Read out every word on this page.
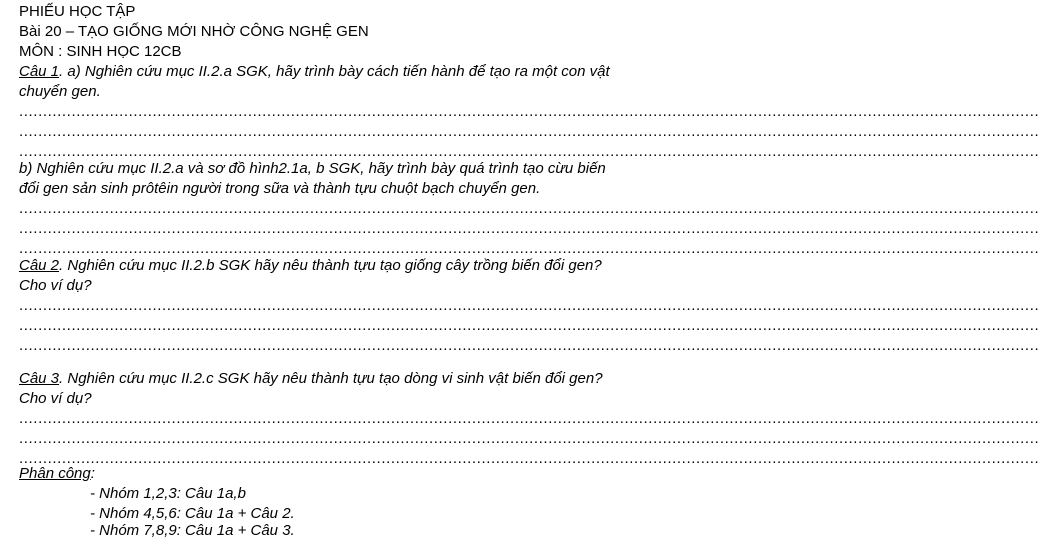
PHIẾU HỌC TẬP
Bài 20 – TẠO GIỐNG MỚI NHỜ CÔNG NGHỆ GEN
MÔN : SINH HỌC 12CB
Câu 1. a) Nghiên cứu mục II.2.a SGK, hãy trình bày cách tiến hành để tạo ra một con vật
chuyển gen.
......................................................................................................................................................................................................................
......................................................................................................................................................................................................................
......................................................................................................................................................................................................................
b) Nghiên cứu mục II.2.a và sơ đồ hình2.1a, b SGK, hãy trình bày quá trình tạo cừu biến
đổi gen sản sinh prôtêin người trong sữa và thành tựu chuột bạch chuyển gen.
......................................................................................................................................................................................................................
......................................................................................................................................................................................................................
......................................................................................................................................................................................................................
Câu 2. Nghiên cứu mục II.2.b SGK hãy nêu thành tựu tạo giống cây trồng biến đổi gen?
Cho ví dụ?
......................................................................................................................................................................................................................
......................................................................................................................................................................................................................
......................................................................................................................................................................................................................
Câu 3. Nghiên cứu mục II.2.c SGK hãy nêu thành tựu tạo dòng vi sinh vật biến đổi gen?
Cho ví dụ?
......................................................................................................................................................................................................................
......................................................................................................................................................................................................................
......................................................................................................................................................................................................................
Phân công:
- Nhóm 1,2,3: Câu 1a,b
- Nhóm 4,5,6: Câu 1a + Câu 2.
- Nhóm 7,8,9: Câu 1a + Câu 3.
